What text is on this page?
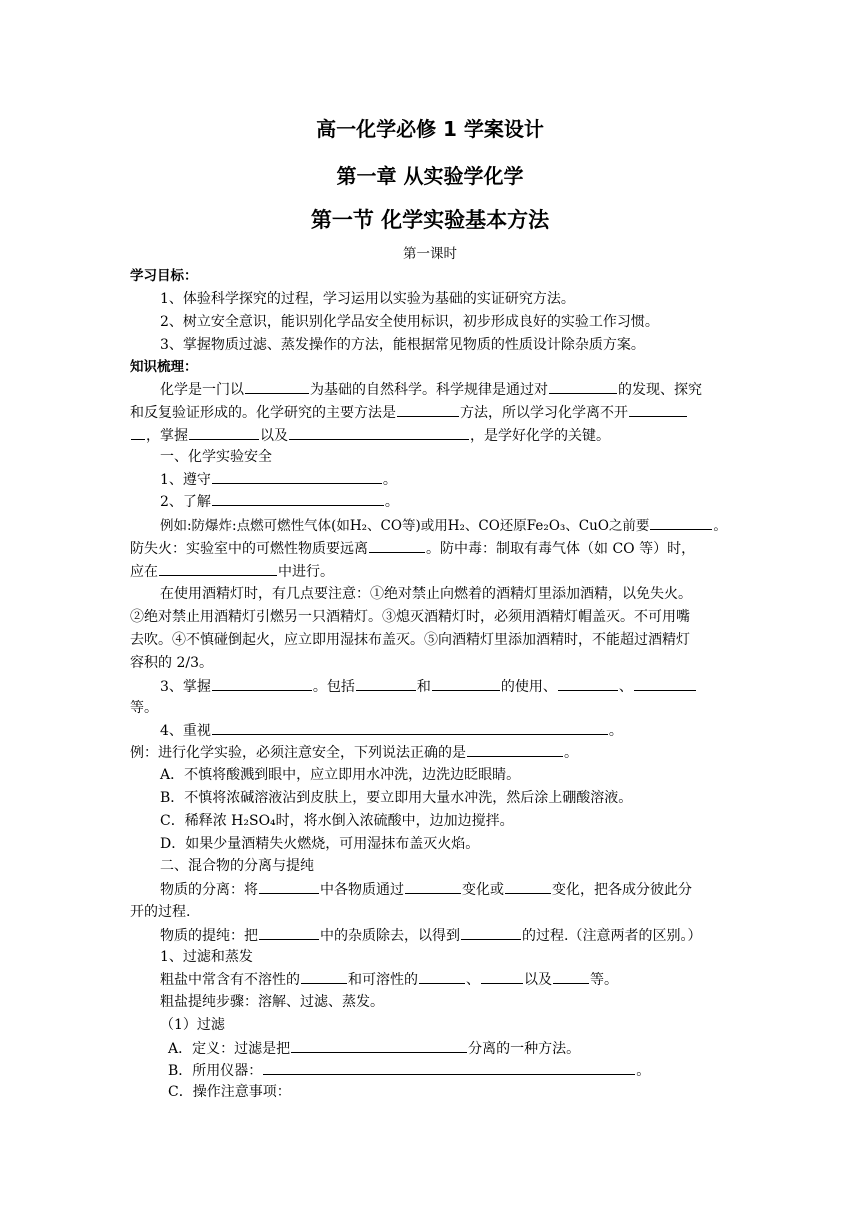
高一化学必修 1 学案设计
第一章 从实验学化学
第一节 化学实验基本方法
第一课时
学习目标：
1、体验科学探究的过程，学习运用以实验为基础的实证研究方法。
2、树立安全意识，能识别化学品安全使用标识，初步形成良好的实验工作习惯。
3、掌握物质过滤、蒸发操作的方法，能根据常见物质的性质设计除杂质方案。
知识梳理：
化学是一门以	为基础的自然科学。科学规律是通过对	的发现、探究
和反复验证形成的。化学研究的主要方法是	方法，所以学习化学离不开
，掌握	以及	，是学好化学的关键。
一、化学实验安全
1、遵守	。
2、了解	。
例如:防爆炸:点燃可燃性气体(如H₂、CO等)或用H₂、CO还原Fe₂O₃、CuO之前要	。
防失火：实验室中的可燃性物质要远离	。防中毒：制取有毒气体（如 CO 等）时，
应在	中进行。
在使用酒精灯时，有几点要注意：①绝对禁止向燃着的酒精灯里添加酒精，以免失火。
②绝对禁止用酒精灯引燃另一只酒精灯。③熄灭酒精灯时，必须用酒精灯帽盖灭。不可用嘴
去吹。④不慎碰倒起火，应立即用湿抹布盖灭。⑤向酒精灯里添加酒精时，不能超过酒精灯
容积的 2/3。
3、掌握	。包括	和	的使用、	、
等。
4、重视	。
例：进行化学实验，必须注意安全，下列说法正确的是	。
A．不慎将酸溅到眼中，应立即用水冲洗，边洗边眨眼睛。
B．不慎将浓碱溶液沾到皮肤上，要立即用大量水冲洗，然后涂上硼酸溶液。
C．稀释浓 H₂SO₄时，将水倒入浓硫酸中，边加边搅拌。
D．如果少量酒精失火燃烧，可用湿抹布盖灭火焰。
二、混合物的分离与提纯
物质的分离：将	中各物质通过	变化或	变化，把各成分彼此分
开的过程.
物质的提纯：把	中的杂质除去，以得到	的过程.（注意两者的区别。）
1、过滤和蒸发
粗盐中常含有不溶性的	和可溶性的	、	以及	等。
粗盐提纯步骤：溶解、过滤、蒸发。
（1）过滤
A．定义：过滤是把	分离的一种方法。
B．所用仪器：	。
C．操作注意事项：
